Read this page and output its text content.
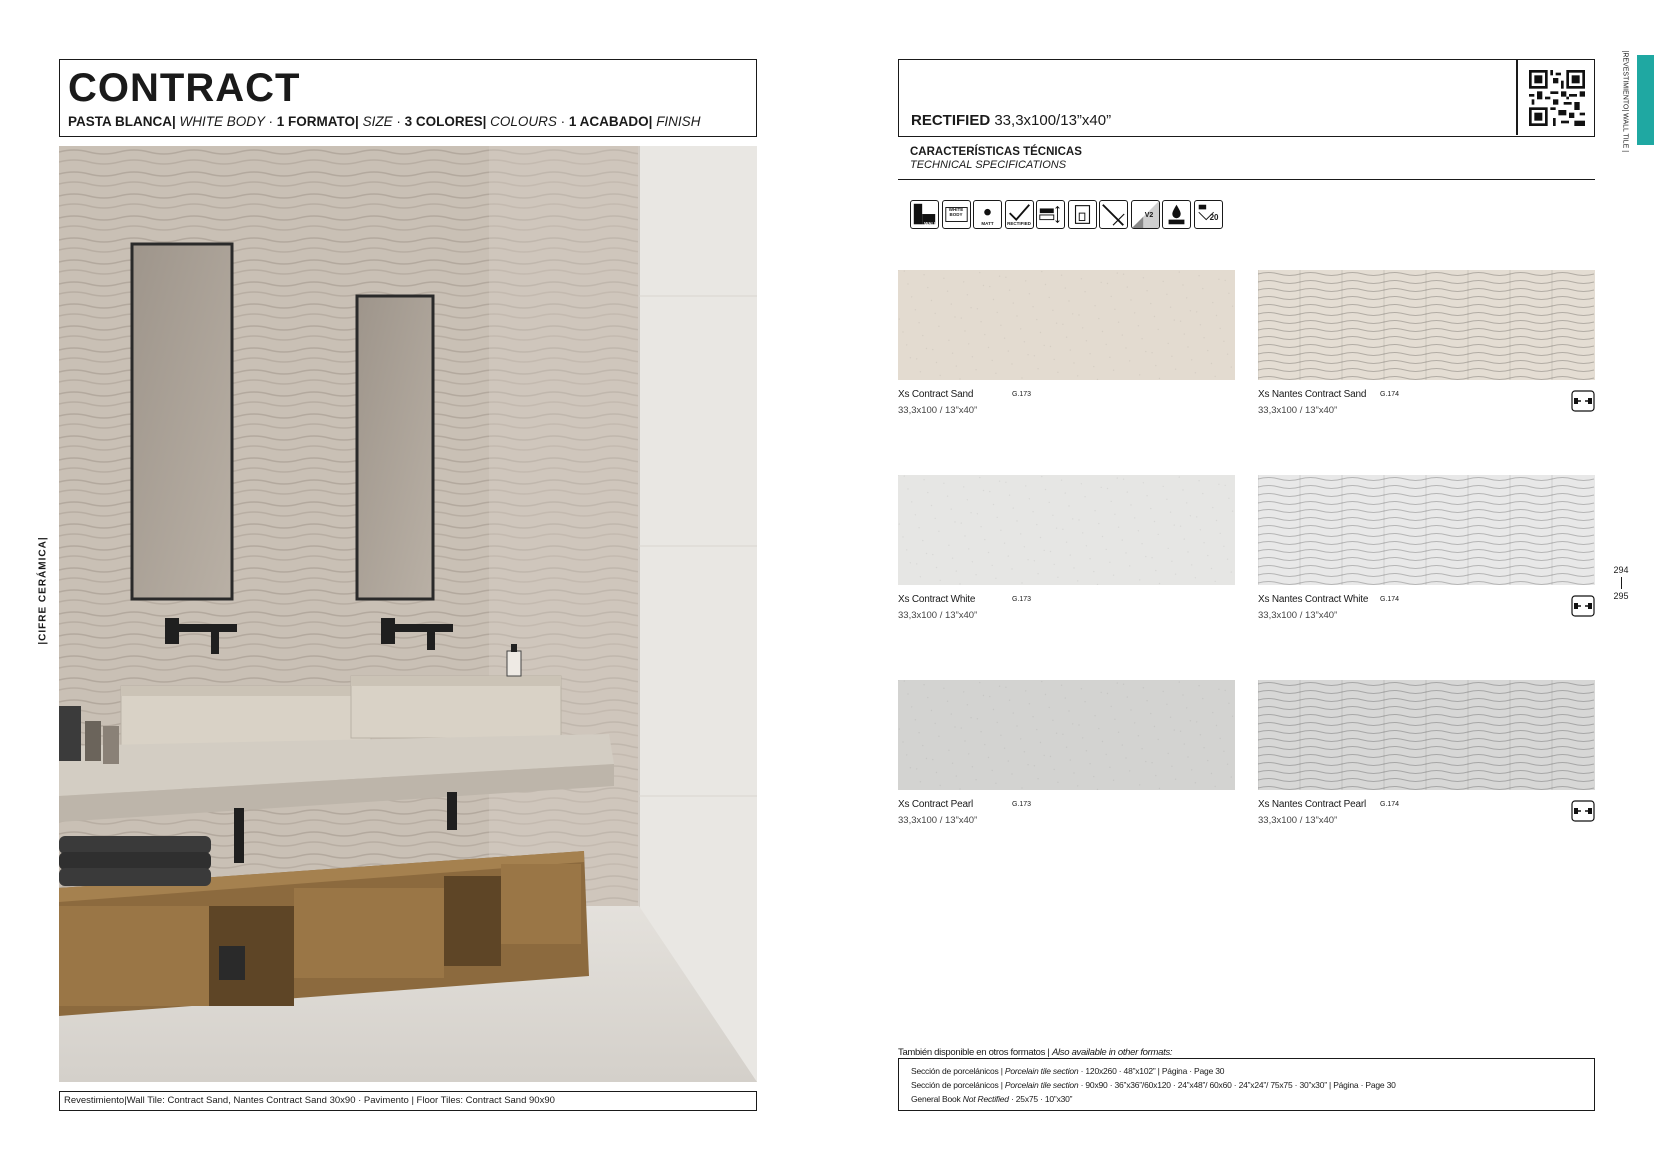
CONTRACT
PASTA BLANCA| WHITE BODY · 1 FORMATO| SIZE · 3 COLORES| COLOURS · 1 ACABADO| FINISH
|CIFRE CERÁMICA|
Revestimiento|Wall Tile: Contract Sand, Nantes Contract Sand 30x90 · Pavimento | Floor Tiles: Contract Sand 90x90
RECTIFIED 33,3x100/13”x40”	|REVESTIMIENTO| WALL TILE |
CARACTERÍSTICAS TÉCNICAS
TECHNICAL SPECIFICATIONS
WALL
WHITE BODY
MATT	RECTIFIED
V2	20
Xs Contract Sand	G.173
33,3x100 / 13”x40”
Xs Nantes Contract Sand G.174
33,3x100 / 13”x40”
Xs Contract White	G.173
33,3x100 / 13”x40”
Xs Nantes Contract White G.174
33,3x100 / 13”x40”
Xs Contract Pearl	G.173
33,3x100 / 13”x40”
Xs Nantes Contract Pearl G.174
33,3x100 / 13”x40”
294
295
También disponible en otros formatos | Also available in other formats:
Sección de porcelánicos | Porcelain tile section · 120x260 · 48”x102” | Página · Page 30
Sección de porcelánicos | Porcelain tile section · 90x90 · 36”x36”/60x120 · 24”x48”/ 60x60 · 24”x24”/ 75x75 · 30”x30” | Página · Page 30
General Book Not Rectified · 25x75 · 10”x30”
